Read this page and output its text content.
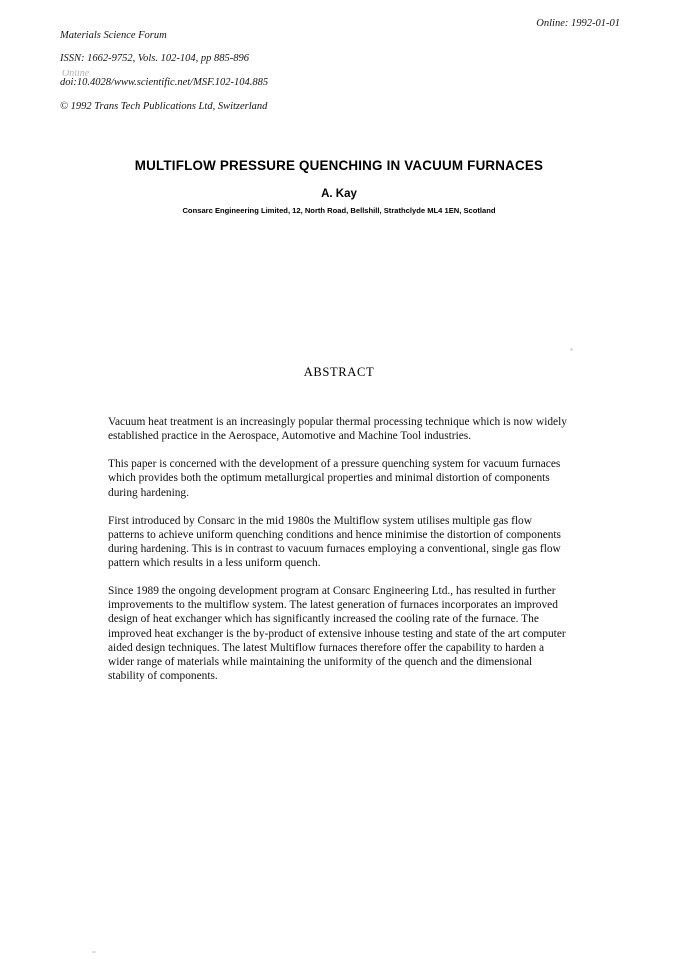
Materials Science Forum

ISSN: 1662-9752, Vols. 102-104, pp 885-896

doi:10.4028/www.scientific.net/MSF.102-104.885

© 1992 Trans Tech Publications Ltd, Switzerland

Online: 1992-01-01
Online
MULTIFLOW PRESSURE QUENCHING IN VACUUM FURNACES
A. Kay
Consarc Engineering Limited, 12, North Road, Bellshill, Strathclyde ML4 1EN, Scotland
ABSTRACT

Vacuum heat treatment is an increasingly popular thermal processing technique which is now widely established practice in the Aerospace, Automotive and Machine Tool industries.

This paper is concerned with the development of a pressure quenching system for vacuum furnaces which provides both the optimum metallurgical properties and minimal distortion of components during hardening.

First introduced by Consarc in the mid 1980s the Multiflow system utilises multiple gas flow patterns to achieve uniform quenching conditions and hence minimise the distortion of components during hardening. This is in contrast to vacuum furnaces employing a conventional, single gas flow pattern which results in a less uniform quench.

Since 1989 the ongoing development program at Consarc Engineering Ltd., has resulted in further improvements to the multiflow system. The latest generation of furnaces incorporates an improved design of heat exchanger which has significantly increased the cooling rate of the furnace. The improved heat exchanger is the by-product of extensive inhouse testing and state of the art computer aided design techniques. The latest Multiflow furnaces therefore offer the capability to harden a wider range of materials while maintaining the uniformity of the quench and the dimensional stability of components.
